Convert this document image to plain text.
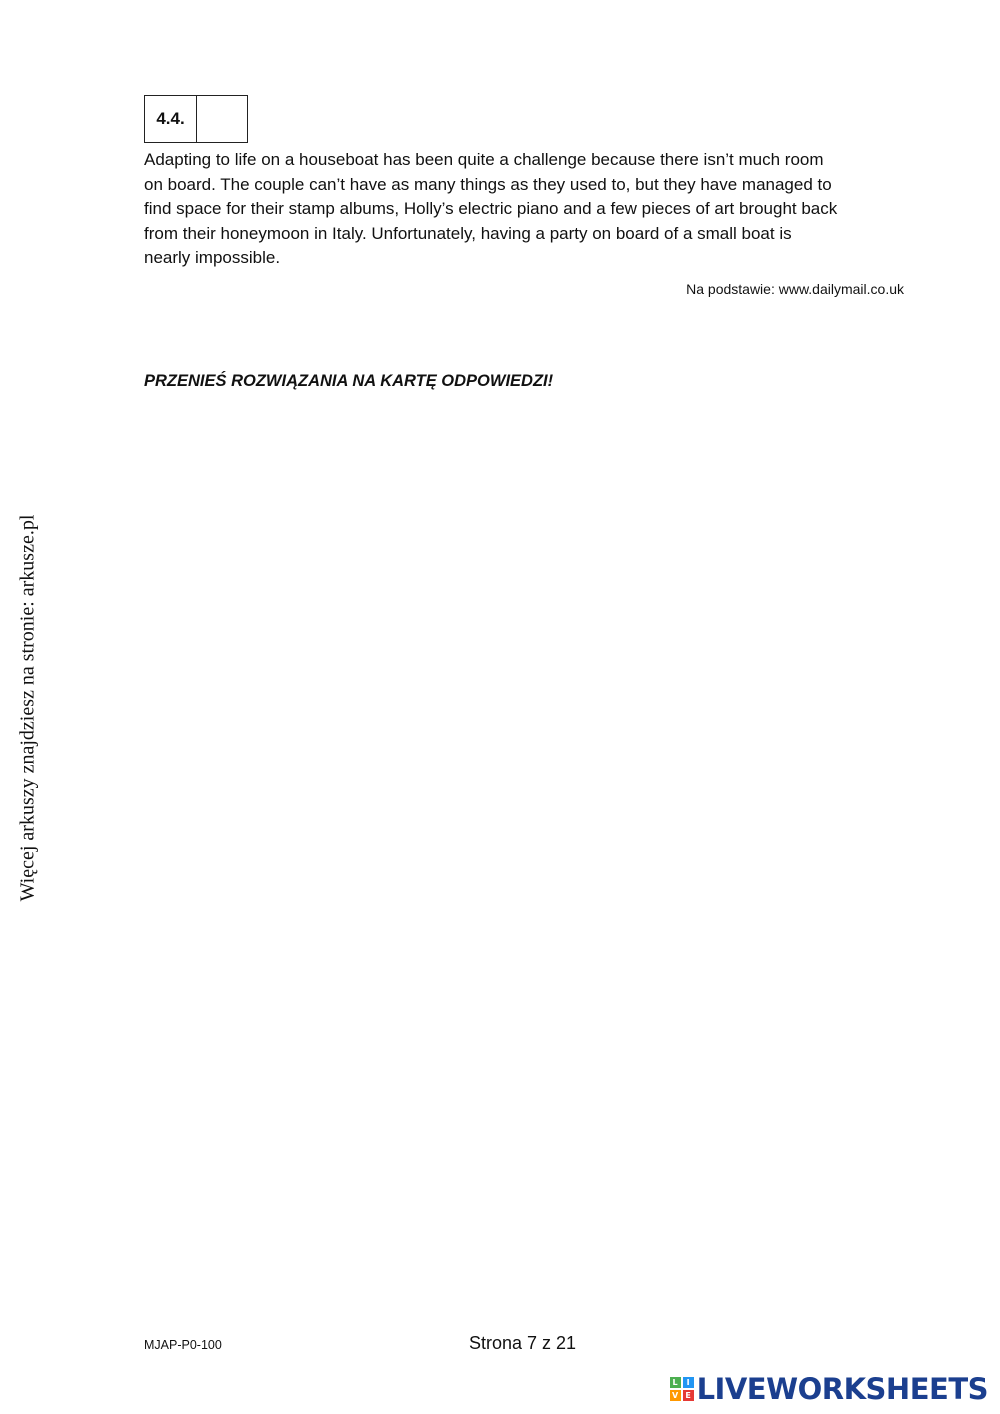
4.4.

Adapting to life on a houseboat has been quite a challenge because there isn’t much room
on board. The couple can’t have as many things as they used to, but they have managed to
find space for their stamp albums, Holly’s electric piano and a few pieces of art brought back
from their honeymoon in Italy. Unfortunately, having a party on board of a small boat is
nearly impossible.

Na podstawie: www.dailymail.co.uk
PRZENIEŚ ROZWIĄZANIA NA KARTĘ ODPOWIEDZI!
Więcej arkuszy znajdziesz na stronie: arkusze.pl
MJAP-P0-100	Strona 7 z 21
L	I
V E LIVEWORKSHEETS
